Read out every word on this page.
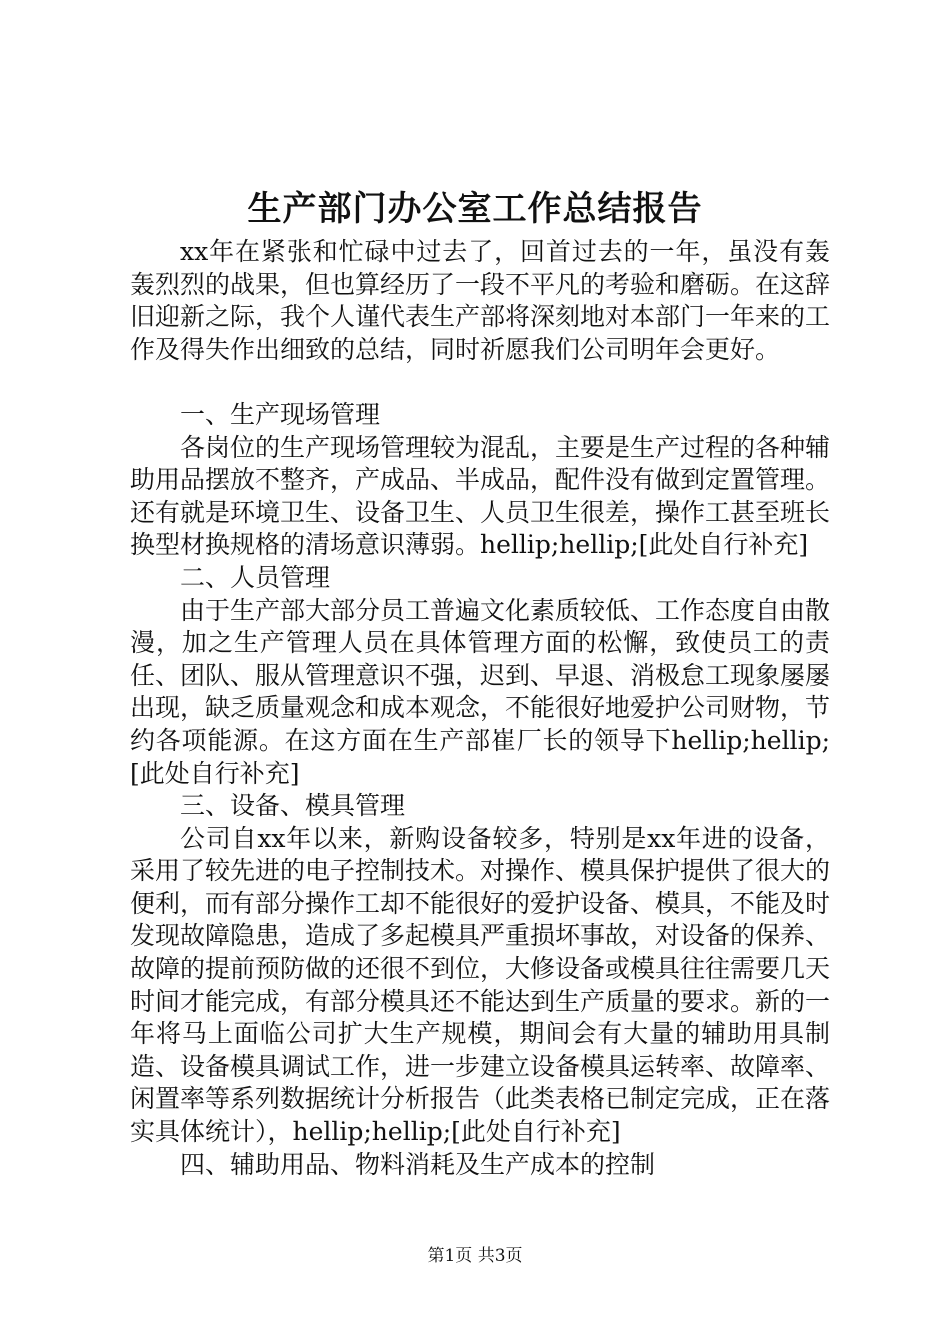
生产部门办公室工作总结报告

xx年在紧张和忙碌中过去了，回首过去的一年，虽没有轰轰烈烈的战果，但也算经历了一段不平凡的考验和磨砺。在这辞旧迎新之际，我个人谨代表生产部将深刻地对本部门一年来的工作及得失作出细致的总结，同时祈愿我们公司明年会更好。

一、生产现场管理

各岗位的生产现场管理较为混乱，主要是生产过程的各种辅助用品摆放不整齐，产成品、半成品，配件没有做到定置管理。还有就是环境卫生、设备卫生、人员卫生很差，操作工甚至班长换型材换规格的清场意识薄弱。hellip;hellip;[此处自行补充]

二、人员管理

由于生产部大部分员工普遍文化素质较低、工作态度自由散漫，加之生产管理人员在具体管理方面的松懈，致使员工的责任、团队、服从管理意识不强，迟到、早退、消极怠工现象屡屡出现，缺乏质量观念和成本观念，不能很好地爱护公司财物，节约各项能源。在这方面在生产部崔厂长的领导下hellip;hellip;[此处自行补充]

三、设备、模具管理

公司自xx年以来，新购设备较多，特别是xx年进的设备，采用了较先进的电子控制技术。对操作、模具保护提供了很大的便利，而有部分操作工却不能很好的爱护设备、模具，不能及时发现故障隐患，造成了多起模具严重损坏事故，对设备的保养、故障的提前预防做的还很不到位，大修设备或模具往往需要几天时间才能完成，有部分模具还不能达到生产质量的要求。新的一年将马上面临公司扩大生产规模，期间会有大量的辅助用具制造、设备模具调试工作，进一步建立设备模具运转率、故障率、闲置率等系列数据统计分析报告（此类表格已制定完成，正在落实具体统计），hellip;hellip;[此处自行补充]

四、辅助用品、物料消耗及生产成本的控制

第1页 共3页
